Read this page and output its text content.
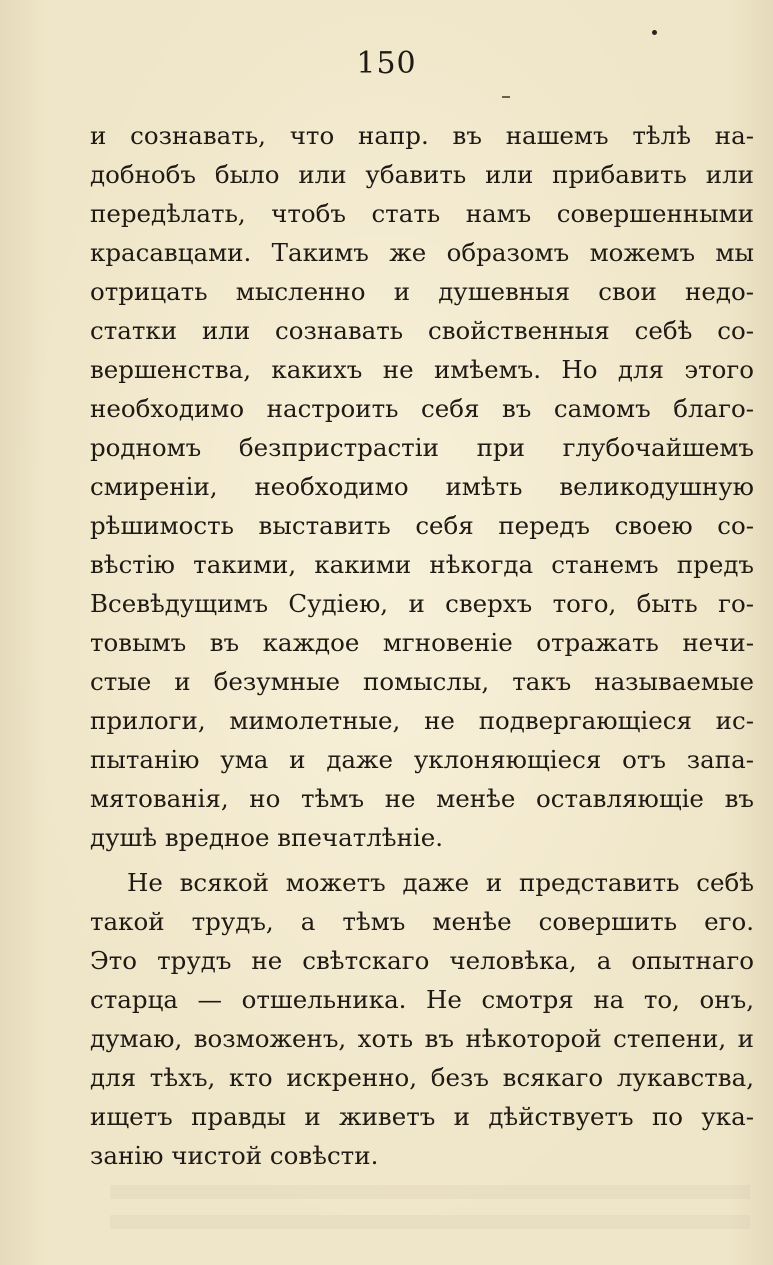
150
и сознавать, что напр. въ нашемъ тѣлѣ на-
добнобъ было или убавить или прибавить или
передѣлать, чтобъ стать намъ совершенными
красавцами. Такимъ же образомъ можемъ мы
отрицать мысленно и душевныя свои недо-
статки или сознавать свойственныя себѣ со-
вершенства, какихъ не имѣемъ. Но для этого
необходимо настроить себя въ самомъ благо-
родномъ безпристрастіи при глубочайшемъ
смиреніи, необходимо имѣть великодушную
рѣшимость выставить себя передъ своею со-
вѣстію такими, какими нѣкогда станемъ предъ
Всевѣдущимъ Судіею, и сверхъ того, быть го-
товымъ въ каждое мгновеніе отражать нечи-
стые и безумные помыслы, такъ называемые
прилоги, мимолетные, не подвергающіеся ис-
пытанію ума и даже уклоняющіеся отъ запа-
мятованія, но тѣмъ не менѣе оставляющіе въ
душѣ вредное впечатлѣніе.
Не всякой можетъ даже и представить себѣ
такой трудъ, а тѣмъ менѣе совершить его.
Это трудъ не свѣтскаго человѣка, а опытнаго
старца — отшельника. Не смотря на то, онъ,
думаю, возможенъ, хоть въ нѣкоторой степени, и
для тѣхъ, кто искренно, безъ всякаго лукавства,
ищетъ правды и живетъ и дѣйствуетъ по ука-
занію чистой совѣсти.
